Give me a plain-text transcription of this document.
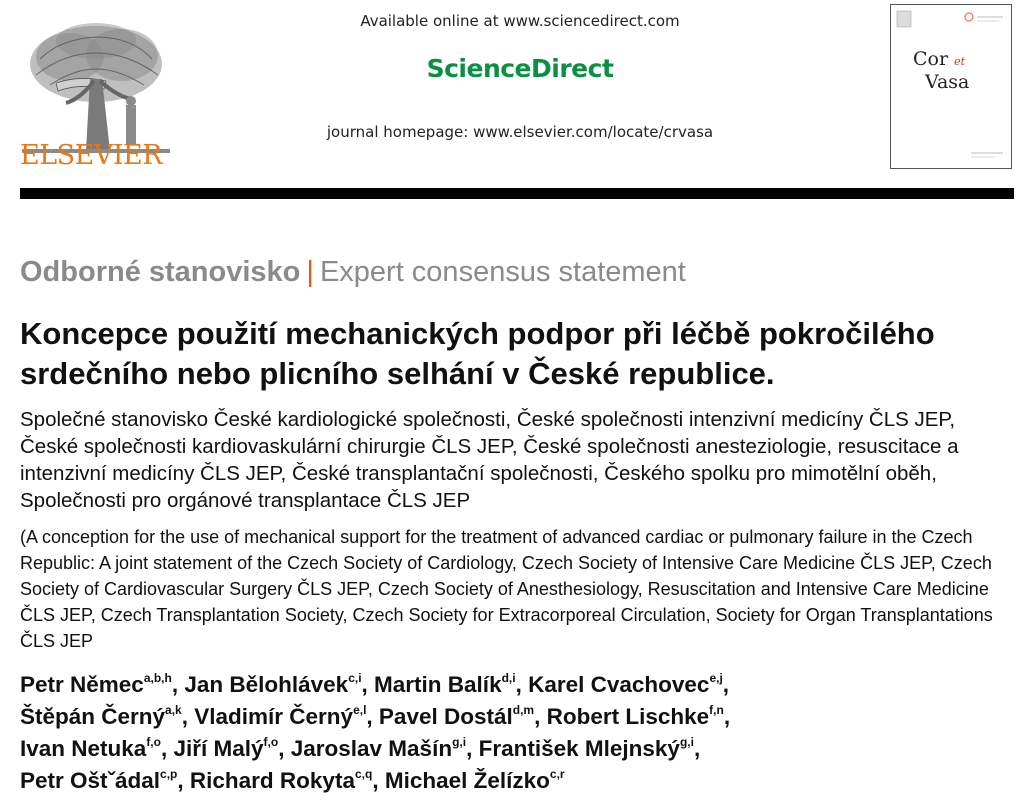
ELSEVIER
Available online at www.sciencedirect.com
ScienceDirect
journal homepage: www.elsevier.com/locate/crvasa
Cor et
Vasa
Odborné stanovisko | Expert consensus statement
Koncepce použití mechanických podpor při léčbě pokročilého srdečního nebo plicního selhání v České republice.

Společné stanovisko České kardiologické společnosti, České společnosti intenzivní medicíny ČLS JEP, České společnosti kardiovaskulární chirurgie ČLS JEP, České společnosti anesteziologie, resuscitace a intenzivní medicíny ČLS JEP, České transplantační společnosti, Českého spolku pro mimotělní oběh, Společnosti pro orgánové transplantace ČLS JEP

(A conception for the use of mechanical support for the treatment of advanced cardiac or pulmonary failure in the Czech Republic: A joint statement of the Czech Society of Cardiology, Czech Society of Intensive Care Medicine ČLS JEP, Czech Society of Cardiovascular Surgery ČLS JEP, Czech Society of Anesthesiology, Resuscitation and Intensive Care Medicine ČLS JEP, Czech Transplantation Society, Czech Society for Extracorporeal Circulation, Society for Organ Transplantations ČLS JEP

Petr Němec$^{a,b,h}$, Jan Bělohlávek$^{c,i}$, Martin Balík$^{d,i}$, Karel Cvachovec$^{e,j}$,
Štěpán Černý$^{a,k}$, Vladimír Černý$^{e,l}$, Pavel Dostál$^{d,m}$, Robert Lischke$^{f,n}$,
Ivan Netuka$^{f,o}$, Jiří Malý$^{f,o}$, Jaroslav Mašín$^{g,i}$, František Mlejnský$^{g,i}$,
Petr Oštˇádal$^{c,p}$, Richard Rokyta$^{c,q}$, Michael Želízko$^{c,r}$
